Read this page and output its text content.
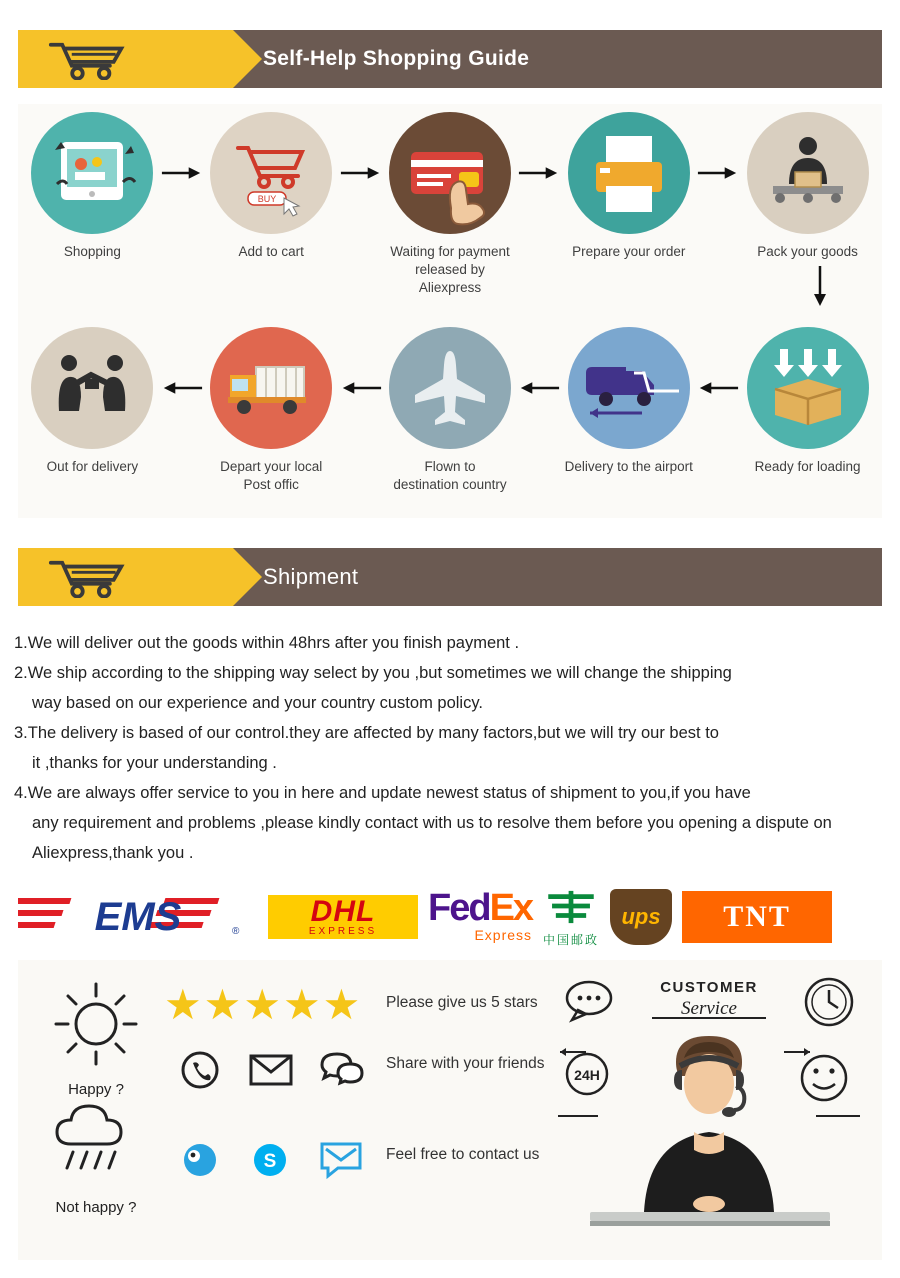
Self-Help Shopping Guide
Shopping
BUY
Add to cart	Waiting for payment
released by Aliexpress
Prepare your order	Pack your goods
Out for delivery	Depart your local
Post offic
Flown to
destination country
Delivery to the airport	Ready for loading
Shipment

1.We will deliver out the goods within 48hrs after you finish payment .

2.We ship according to the shipping way select by you ,but sometimes we will change the shipping
way based on our experience and your country custom policy.

3.The delivery is based of our control.they are affected by many factors,but we will try our best to
it ,thanks for your understanding .

4.We are always offer service to you in here and update newest status of shipment to you,if you have
any requirement and problems ,please kindly contact with us to resolve them before you opening a dispute on Aliexpress,thank you .

EMS	®
DHL
EXPRESS
FedEx
Express 中国邮政
ups	TNT
Happy ?
Not happy ?
★ ★ ★ ★ ★ Please give us 5 stars
Share with your friends
S	Feel free to contact us
CUSTOMER
Service
24H
